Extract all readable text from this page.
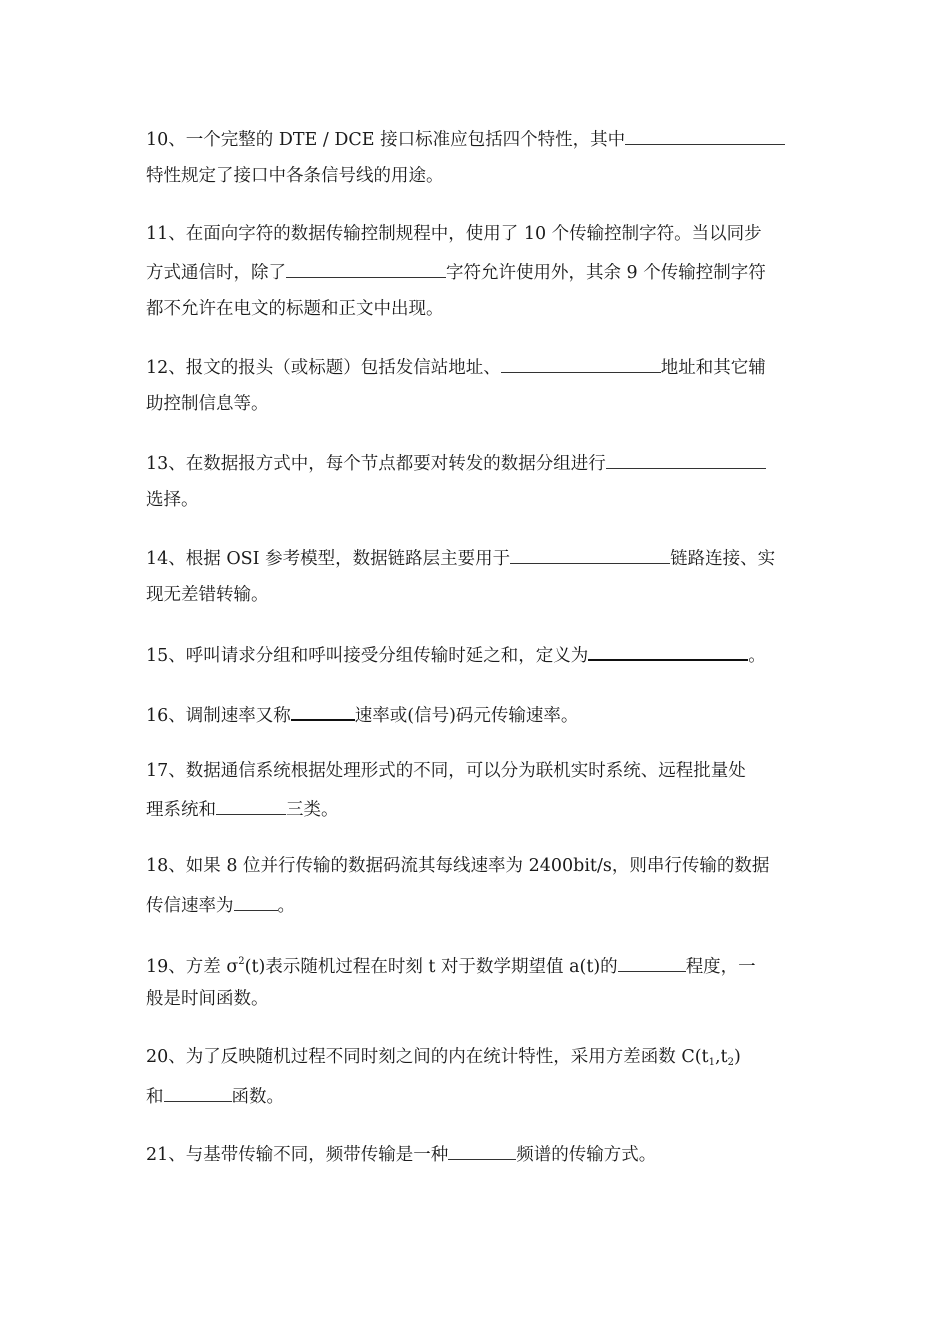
10、一个完整的 DTE / DCE 接口标准应包括四个特性，其中
特性规定了接口中各条信号线的用途。
11、在面向字符的数据传输控制规程中，使用了 10 个传输控制字符。当以同步
方式通信时，除了	字符允许使用外，其余 9 个传输控制字符
都不允许在电文的标题和正文中出现。
12、报文的报头（或标题）包括发信站地址、	地址和其它辅
助控制信息等。
13、在数据报方式中，每个节点都要对转发的数据分组进行
选择。
14、根据 OSI 参考模型，数据链路层主要用于	链路连接、实
现无差错转输。
15、呼叫请求分组和呼叫接受分组传输时延之和，定义为	。
16、调制速率又称	速率或(信号)码元传输速率。
17、数据通信系统根据处理形式的不同，可以分为联机实时系统、远程批量处
理系统和	三类。
18、如果 8 位并行传输的数据码流其每线速率为 2400bit/s，则串行传输的数据
传信速率为	。
19、方差 $\sigma^2(t)$表示随机过程在时刻 t 对于数学期望值 a(t)的	程度，一
般是时间函数。
20、为了反映随机过程不同时刻之间的内在统计特性，采用方差函数 $C(t_1,t_2)$
和	函数。
21、与基带传输不同，频带传输是一种	频谱的传输方式。
